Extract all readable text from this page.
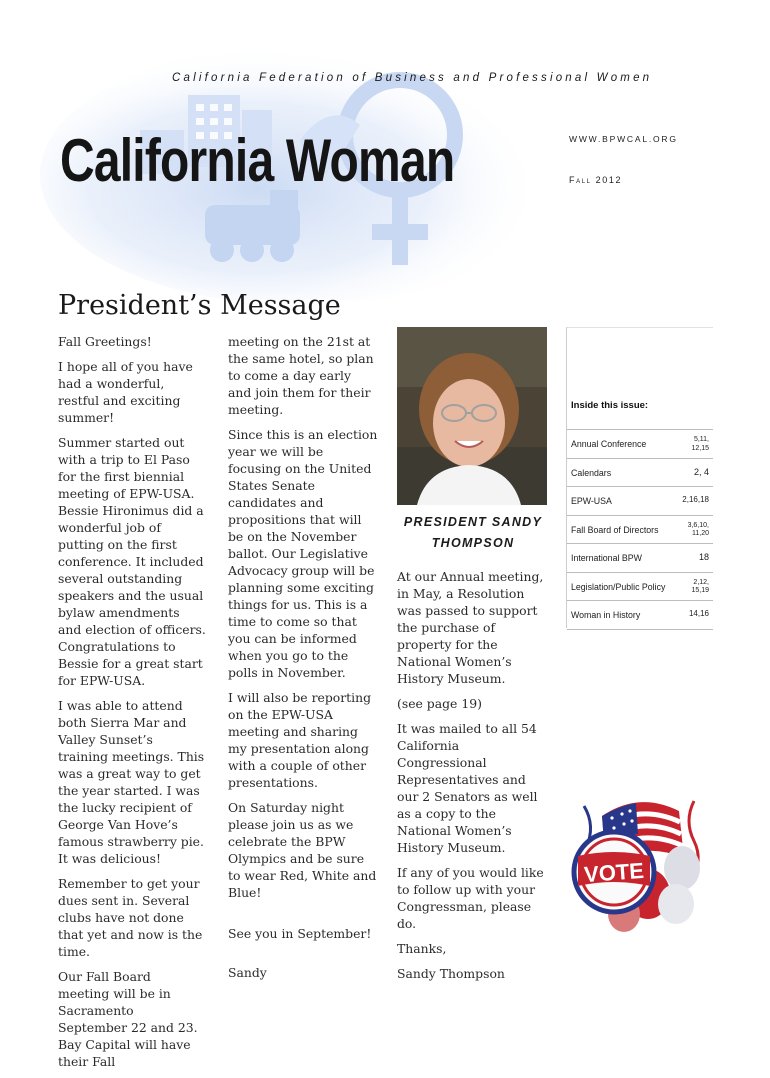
California Federation of Business and Professional Women
California Woman	WWW.BPWCAL.ORG
Fall 2012
President’s Message

Fall Greetings!

I hope all of you have had a wonderful, restful and exciting summer!

Summer started out with a trip to El Paso for the first biennial meeting of EPW-USA. Bessie Hironimus did a wonderful job of putting on the first conference. It included several outstanding speakers and the usual bylaw amendments and election of officers. Congratulations to Bessie for a great start for EPW-USA.

I was able to attend both Sierra Mar and Valley Sunset’s training meetings. This was a great way to get the year started. I was the lucky recipient of George Van Hove’s famous strawberry pie. It was delicious!

Remember to get your dues sent in. Several clubs have not done that yet and now is the time.

Our Fall Board meeting will be in Sacramento September 22 and 23. Bay Capital will have their Fall

meeting on the 21st at the same hotel, so plan to come a day early and join them for their meeting.

Since this is an election year we will be focusing on the United States Senate candidates and propositions that will be on the November ballot. Our Legislative Advocacy group will be planning some exciting things for us. This is a time to come so that you can be informed when you go to the polls in November.

I will also be reporting on the EPW-USA meeting and sharing my presentation along with a couple of other presentations.

On Saturday night please join us as we celebrate the BPW Olympics and be sure to wear Red, White and Blue!

See you in September!

Sandy

PRESIDENT SANDY
THOMPSON

At our Annual meeting, in May, a Resolution was passed to support the purchase of property for the National Women’s History Museum.

(see page 19)

It was mailed to all 54 California Congressional Representatives and our 2 Senators as well as a copy to the National Women’s History Museum.

If any of you would like to follow up with your Congressman, please do.

Thanks,

Sandy Thompson

Inside this issue:
Annual Conference	5,11,
12,15
Calendars	2, 4
EPW-USA	2,16,18
Fall Board of Directors	3,6,10,
11,20
International BPW	18
Legislation/Public Policy	2,12,
15,19
Woman in History	14,16
VOTE
